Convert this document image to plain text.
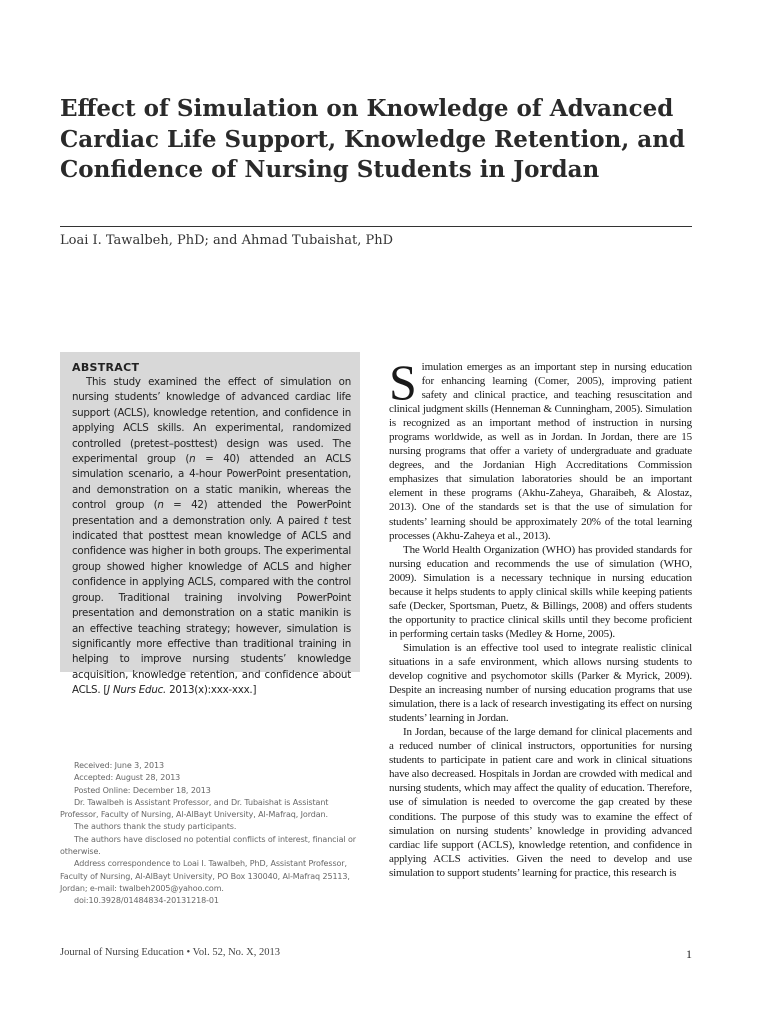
Effect of Simulation on Knowledge of Advanced Cardiac Life Support, Knowledge Retention, and Confidence of Nursing Students in Jordan

Loai I. Tawalbeh, PhD; and Ahmad Tubaishat, PhD

ABSTRACT

This study examined the effect of simulation on nursing students’ knowledge of advanced cardiac life support (ACLS), knowledge retention, and confidence in applying ACLS skills. An experimental, randomized controlled (pretest–posttest) design was used. The experimental group (n = 40) attended an ACLS simulation scenario, a 4-hour PowerPoint presentation, and demonstration on a static manikin, whereas the control group (n = 42) attended the PowerPoint presentation and a demonstration only. A paired t test indicated that posttest mean knowledge of ACLS and confidence was higher in both groups. The experimental group showed higher knowledge of ACLS and higher confidence in applying ACLS, compared with the control group. Traditional training involving PowerPoint presentation and demonstration on a static manikin is an effective teaching strategy; however, simulation is significantly more effective than traditional training in helping to improve nursing students’ knowledge acquisition, knowledge retention, and confidence about ACLS. [J Nurs Educ. 2013(x):xxx-xxx.]

Received: June 3, 2013

Accepted: August 28, 2013

Posted Online: December 18, 2013

Dr. Tawalbeh is Assistant Professor, and Dr. Tubaishat is Assistant Professor, Faculty of Nursing, Al-AlBayt University, Al-Mafraq, Jordan.

The authors thank the study participants.

The authors have disclosed no potential conflicts of interest, financial or otherwise.

Address correspondence to Loai I. Tawalbeh, PhD, Assistant Professor, Faculty of Nursing, Al-AlBayt University, PO Box 130040, Al-Mafraq 25113, Jordan; e-mail: twalbeh2005@yahoo.com.

doi:10.3928/01484834-20131218-01

Simulation emerges as an important step in nursing education for enhancing learning (Comer, 2005), improving patient safety and clinical practice, and teaching resuscitation and clinical judgment skills (Henneman & Cunningham, 2005). Simulation is recognized as an important method of instruction in nursing programs worldwide, as well as in Jordan. In Jordan, there are 15 nursing programs that offer a variety of undergraduate and graduate degrees, and the Jordanian High Accreditations Commission emphasizes that simulation laboratories should be an important element in these programs (Akhu-Zaheya, Gharaibeh, & Alostaz, 2013). One of the standards set is that the use of simulation for students’ learning should be approximately 20% of the total learning processes (Akhu-Zaheya et al., 2013).

The World Health Organization (WHO) has provided standards for nursing education and recommends the use of simulation (WHO, 2009). Simulation is a necessary technique in nursing education because it helps students to apply clinical skills while keeping patients safe (Decker, Sportsman, Puetz, & Billings, 2008) and offers students the opportunity to practice clinical skills until they become proficient in performing certain tasks (Medley & Horne, 2005).

Simulation is an effective tool used to integrate realistic clinical situations in a safe environment, which allows nursing students to develop cognitive and psychomotor skills (Parker & Myrick, 2009). Despite an increasing number of nursing education programs that use simulation, there is a lack of research investigating its effect on nursing students’ learning in Jordan.

In Jordan, because of the large demand for clinical placements and a reduced number of clinical instructors, opportunities for nursing students to participate in patient care and work in clinical situations have also decreased. Hospitals in Jordan are crowded with medical and nursing students, which may affect the quality of education. Therefore, use of simulation is needed to overcome the gap created by these conditions. The purpose of this study was to examine the effect of simulation on nursing students’ knowledge in providing advanced cardiac life support (ACLS), knowledge retention, and confidence in applying ACLS activities. Given the need to develop and use simulation to support students’ learning for practice, this research is

Journal of Nursing Education • Vol. 52, No. X, 2013	1
